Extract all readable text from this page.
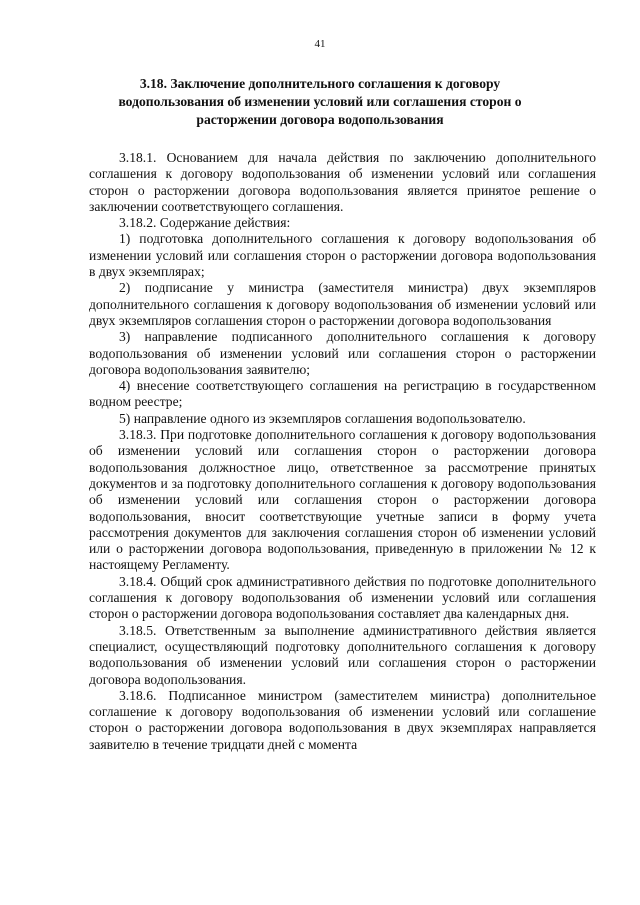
41
3.18. Заключение дополнительного соглашения к договору водопользования об изменении условий или соглашения сторон о расторжении договора водопользования

3.18.1. Основанием для начала действия по заключению дополнительного соглашения к договору водопользования об изменении условий или соглашения сторон о расторжении договора водопользования является принятое решение о заключении соответствующего соглашения.

3.18.2. Содержание действия:

1) подготовка дополнительного соглашения к договору водопользования об изменении условий или соглашения сторон о расторжении договора водопользования в двух экземплярах;

2) подписание у министра (заместителя министра) двух экземпляров дополнительного соглашения к договору водопользования об изменении условий или двух экземпляров соглашения сторон о расторжении договора водопользования

3) направление подписанного дополнительного соглашения к договору водопользования об изменении условий или соглашения сторон о расторжении договора водопользования заявителю;

4) внесение соответствующего соглашения на регистрацию в государственном водном реестре;

5) направление одного из экземпляров соглашения водопользователю.

3.18.3. При подготовке дополнительного соглашения к договору водопользования об изменении условий или соглашения сторон о расторжении договора водопользования должностное лицо, ответственное за рассмотрение принятых документов и за подготовку дополнительного соглашения к договору водопользования об изменении условий или соглашения сторон о расторжении договора водопользования, вносит соответствующие учетные записи в форму учета рассмотрения документов для заключения соглашения сторон об изменении условий или о расторжении договора водопользования, приведенную в приложении № 12 к настоящему Регламенту.

3.18.4. Общий срок административного действия по подготовке дополнительного соглашения к договору водопользования об изменении условий или соглашения сторон о расторжении договора водопользования составляет два календарных дня.

3.18.5. Ответственным за выполнение административного действия является специалист, осуществляющий подготовку дополнительного соглашения к договору водопользования об изменении условий или соглашения сторон о расторжении договора водопользования.

3.18.6. Подписанное министром (заместителем министра) дополнительное соглашение к договору водопользования об изменении условий или соглашение сторон о расторжении договора водопользования в двух экземплярах направляется заявителю в течение тридцати дней с момента
